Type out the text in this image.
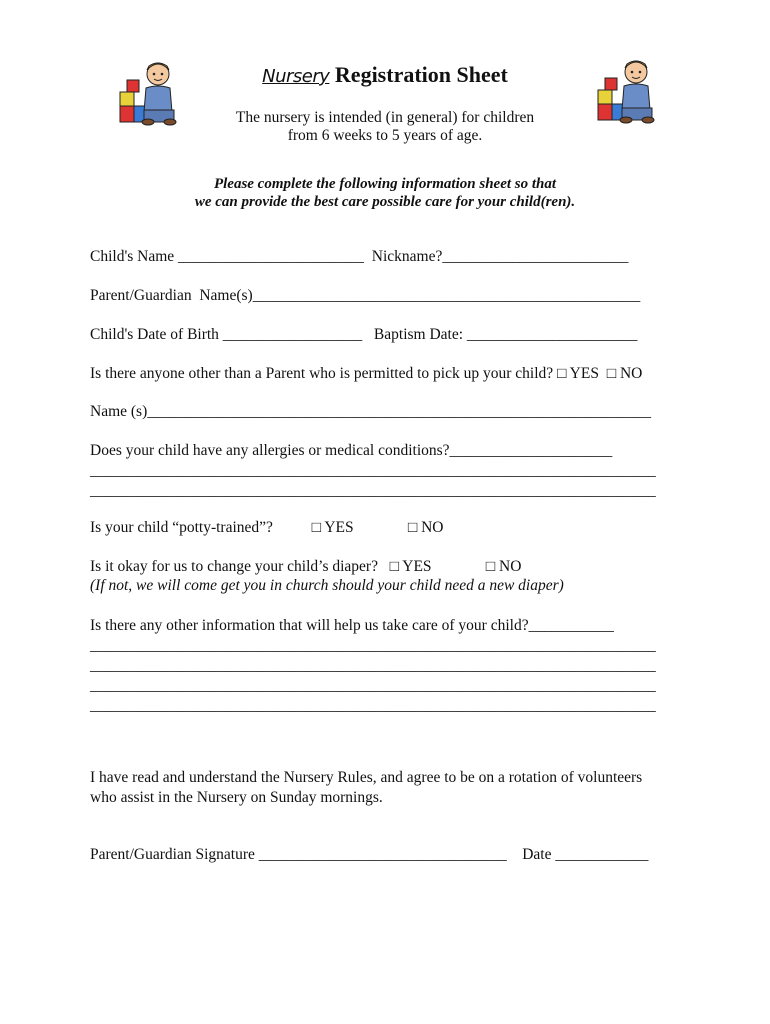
Nursery Registration Sheet
The nursery is intended (in general) for children
from 6 weeks to 5 years of age.
Please complete the following information sheet so that
we can provide the best care possible care for your child(ren).
Child's Name ________________________  Nickname?________________________
Parent/Guardian  Name(s)__________________________________________________
Child's Date of Birth __________________   Baptism Date: ______________________
Is there anyone other than a Parent who is permitted to pick up your child? □ YES  □ NO
Name (s)_________________________________________________________________
Does your child have any allergies or medical conditions?_____________________
_________________________________________________________________________
_________________________________________________________________________
Is your child “potty-trained”?          □ YES              □ NO
Is it okay for us to change your child’s diaper?   □ YES              □ NO
(If not, we will come get you in church should your child need a new diaper)
Is there any other information that will help us take care of your child?___________
_________________________________________________________________________
_________________________________________________________________________
_________________________________________________________________________
_________________________________________________________________________
I have read and understand the Nursery Rules, and agree to be on a rotation of volunteers
who assist in the Nursery on Sunday mornings.
Parent/Guardian Signature ________________________________    Date ____________
